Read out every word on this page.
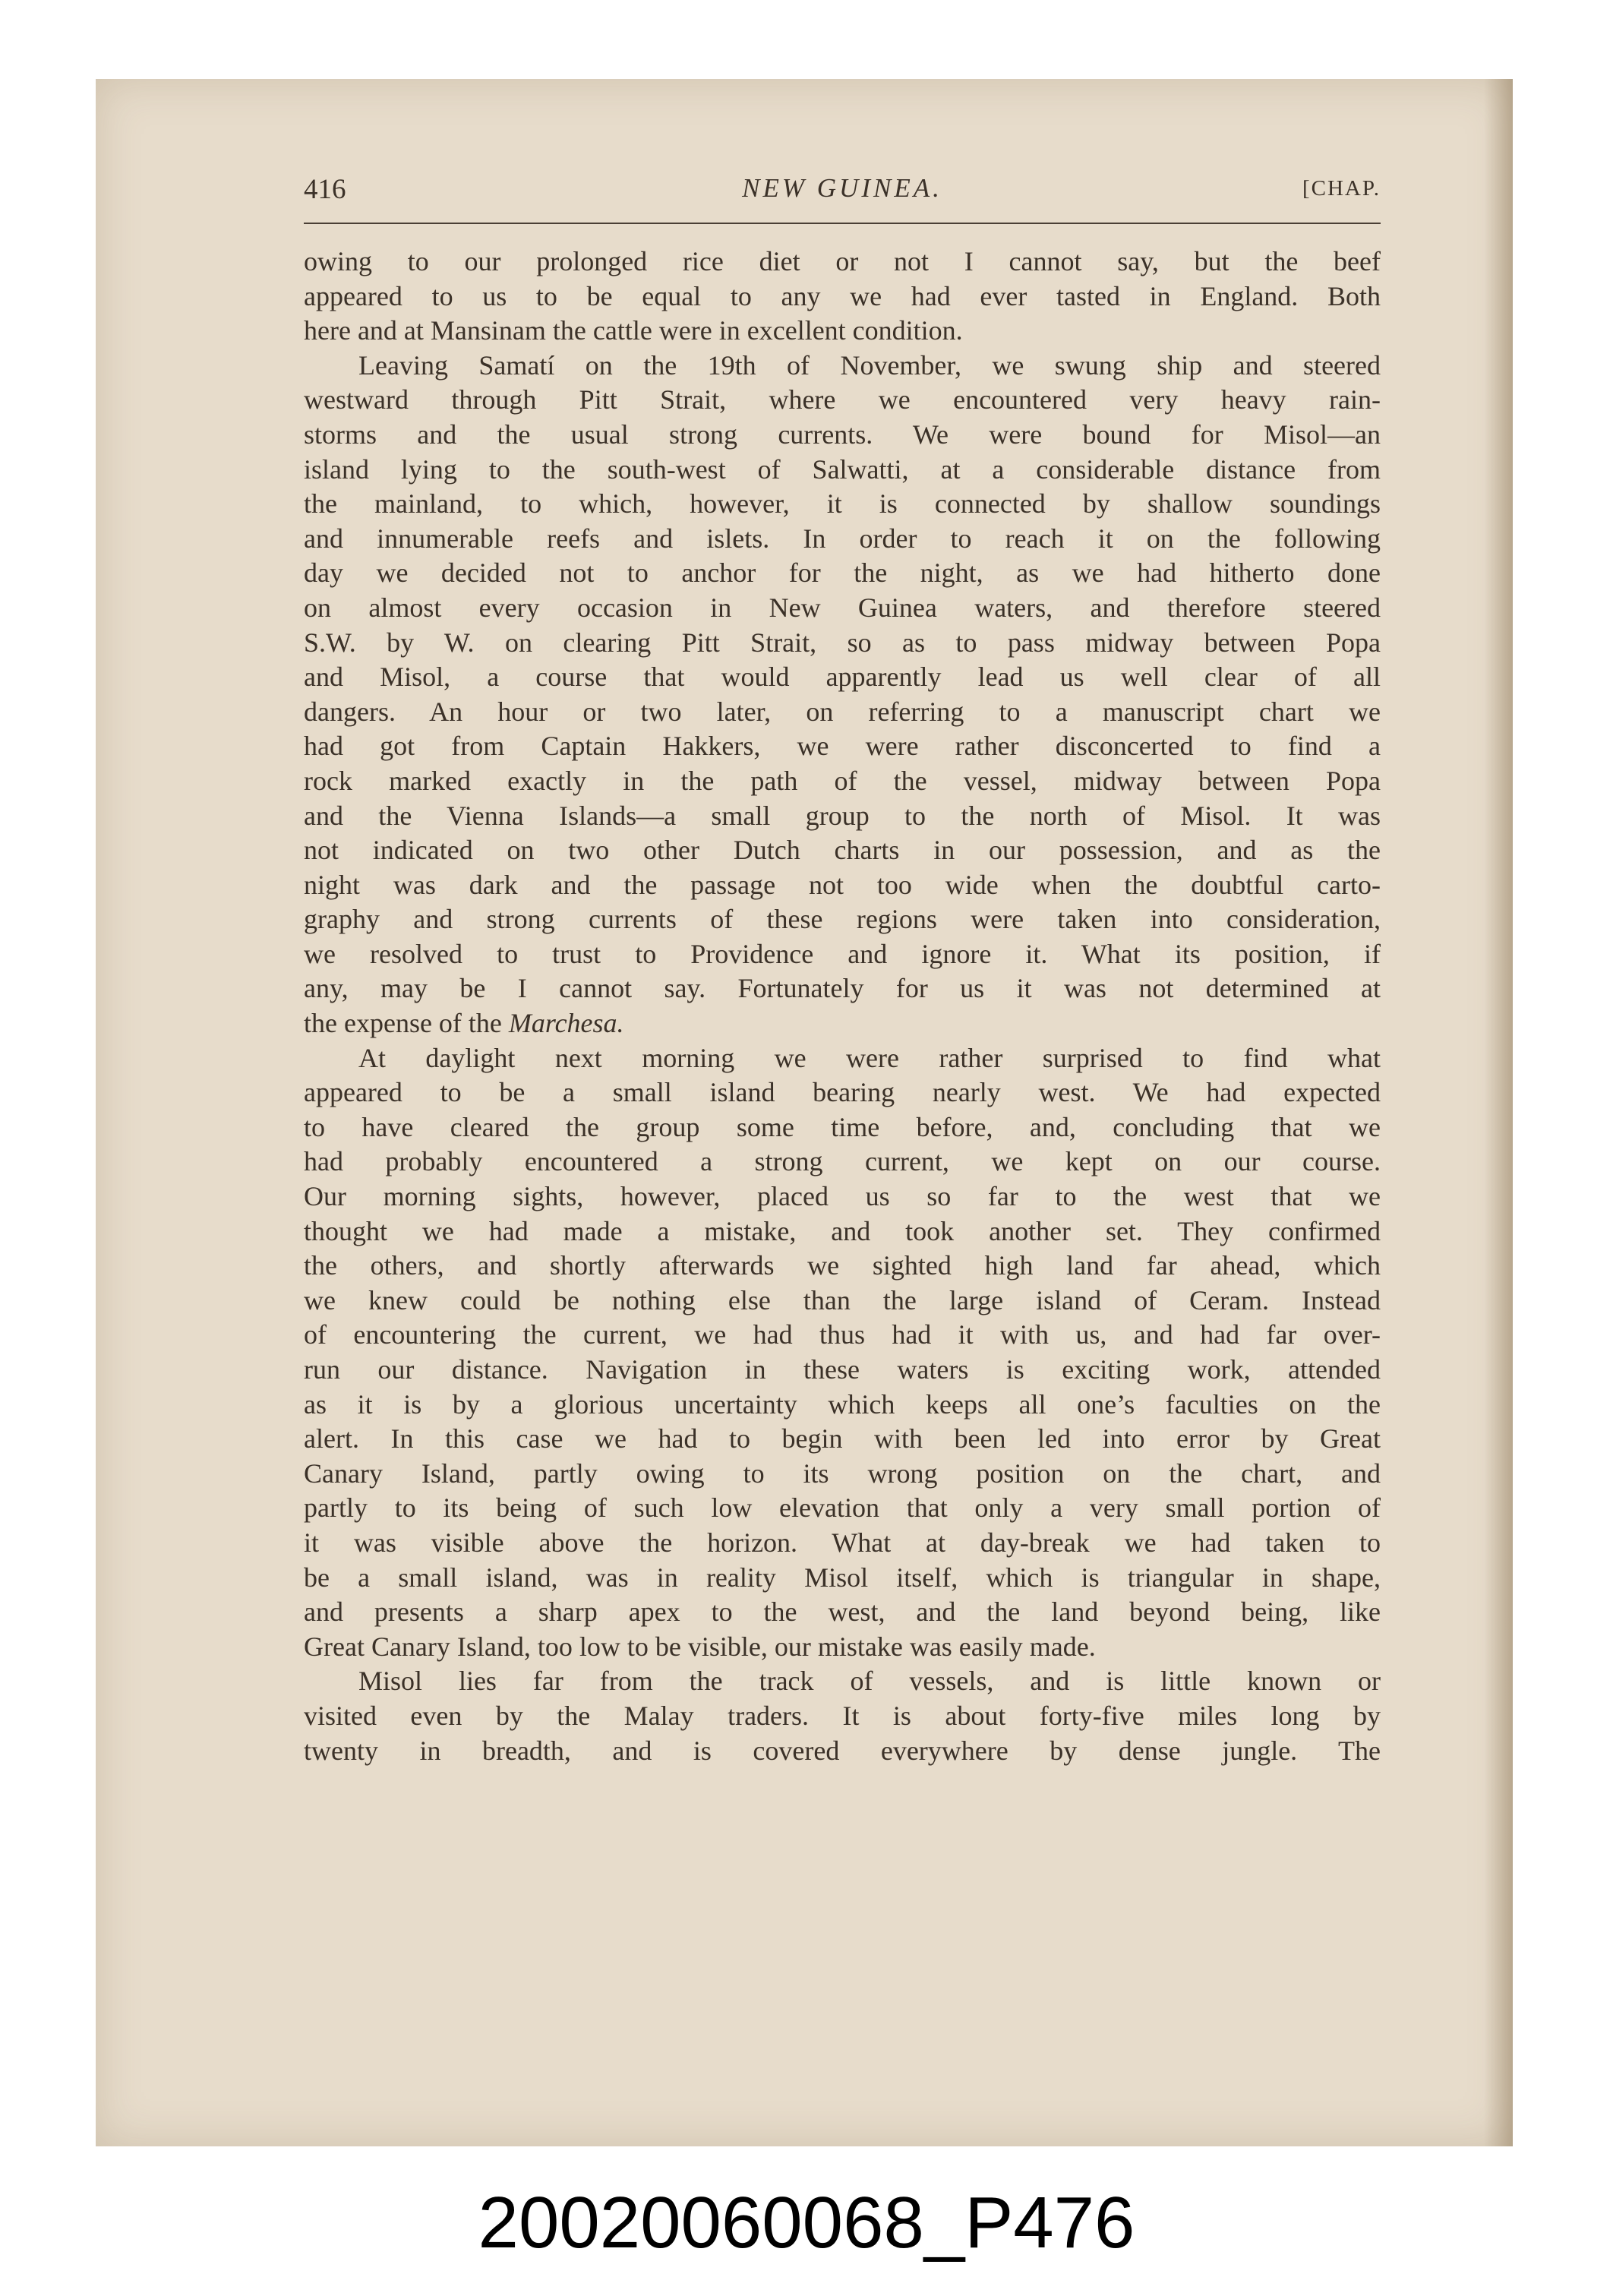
416	NEW GUINEA.	[CHAP.
owing to our prolonged rice diet or not I cannot say, but the beef
appeared to us to be equal to any we had ever tasted in England. Both
here and at Mansinam the cattle were in excellent condition.
Leaving Samatí on the 19th of November, we swung ship and steered
westward through Pitt Strait, where we encountered very heavy rain-
storms and the usual strong currents. We were bound for Misol—an
island lying to the south-west of Salwatti, at a considerable distance from
the mainland, to which, however, it is connected by shallow soundings
and innumerable reefs and islets. In order to reach it on the following
day we decided not to anchor for the night, as we had hitherto done
on almost every occasion in New Guinea waters, and therefore steered
S.W. by W. on clearing Pitt Strait, so as to pass midway between Popa
and Misol, a course that would apparently lead us well clear of all
dangers. An hour or two later, on referring to a manuscript chart we
had got from Captain Hakkers, we were rather disconcerted to find a
rock marked exactly in the path of the vessel, midway between Popa
and the Vienna Islands—a small group to the north of Misol. It was
not indicated on two other Dutch charts in our possession, and as the
night was dark and the passage not too wide when the doubtful carto-
graphy and strong currents of these regions were taken into consideration,
we resolved to trust to Providence and ignore it. What its position, if
any, may be I cannot say. Fortunately for us it was not determined at
the expense of the Marchesa.
At daylight next morning we were rather surprised to find what
appeared to be a small island bearing nearly west. We had expected
to have cleared the group some time before, and, concluding that we
had probably encountered a strong current, we kept on our course.
Our morning sights, however, placed us so far to the west that we
thought we had made a mistake, and took another set. They confirmed
the others, and shortly afterwards we sighted high land far ahead, which
we knew could be nothing else than the large island of Ceram. Instead
of encountering the current, we had thus had it with us, and had far over-
run our distance. Navigation in these waters is exciting work, attended
as it is by a glorious uncertainty which keeps all one’s faculties on the
alert. In this case we had to begin with been led into error by Great
Canary Island, partly owing to its wrong position on the chart, and
partly to its being of such low elevation that only a very small portion of
it was visible above the horizon. What at day-break we had taken to
be a small island, was in reality Misol itself, which is triangular in shape,
and presents a sharp apex to the west, and the land beyond being, like
Great Canary Island, too low to be visible, our mistake was easily made.
Misol lies far from the track of vessels, and is little known or
visited even by the Malay traders. It is about forty-five miles long by
twenty in breadth, and is covered everywhere by dense jungle. The
20020060068_P476
